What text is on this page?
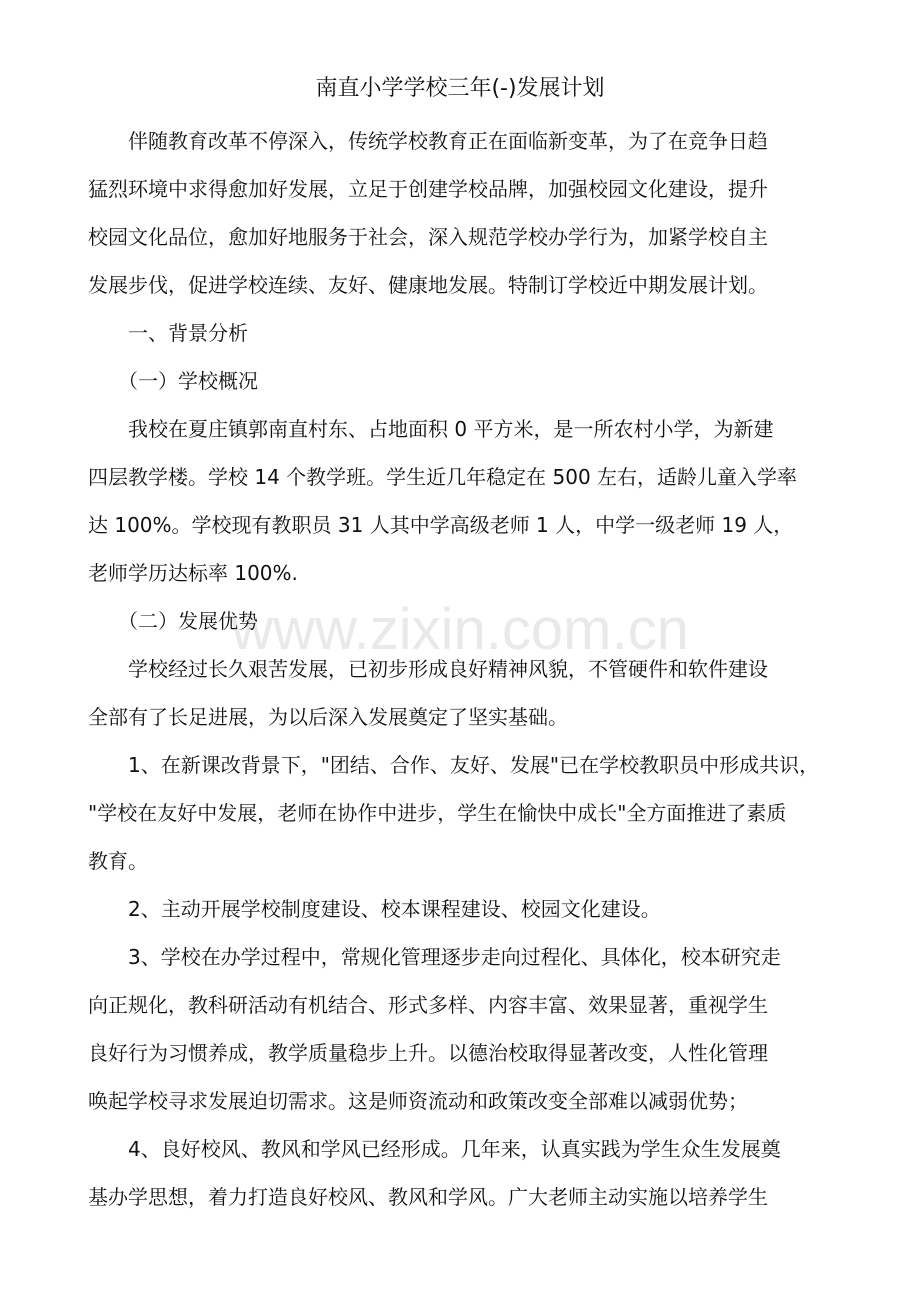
南直小学学校三年(-)发展计划
伴随教育改革不停深入，传统学校教育正在面临新变革，为了在竞争日趋
猛烈环境中求得愈加好发展，立足于创建学校品牌，加强校园文化建设，提升
校园文化品位，愈加好地服务于社会，深入规范学校办学行为，加紧学校自主
发展步伐，促进学校连续、友好、健康地发展。特制订学校近中期发展计划。
一、背景分析
（一）学校概况
我校在夏庄镇郭南直村东、占地面积 0 平方米，是一所农村小学，为新建
四层教学楼。学校 14 个教学班。学生近几年稳定在 500 左右，适龄儿童入学率
达 100%。学校现有教职员 31 人其中学高级老师 1 人，中学一级老师 19 人，
老师学历达标率 100%.
（二）发展优势
学校经过长久艰苦发展，已初步形成良好精神风貌，不管硬件和软件建设
全部有了长足进展，为以后深入发展奠定了坚实基础。
1、在新课改背景下，"团结、合作、友好、发展"已在学校教职员中形成共识，
"学校在友好中发展，老师在协作中进步，学生在愉快中成长"全方面推进了素质
教育。
2、主动开展学校制度建设、校本课程建设、校园文化建设。
3、学校在办学过程中，常规化管理逐步走向过程化、具体化，校本研究走
向正规化，教科研活动有机结合、形式多样、内容丰富、效果显著，重视学生
良好行为习惯养成，教学质量稳步上升。以德治校取得显著改变，人性化管理
唤起学校寻求发展迫切需求。这是师资流动和政策改变全部难以减弱优势；
4、良好校风、教风和学风已经形成。几年来，认真实践为学生众生发展奠
基办学思想，着力打造良好校风、教风和学风。广大老师主动实施以培养学生
www.zixin.com.cn
